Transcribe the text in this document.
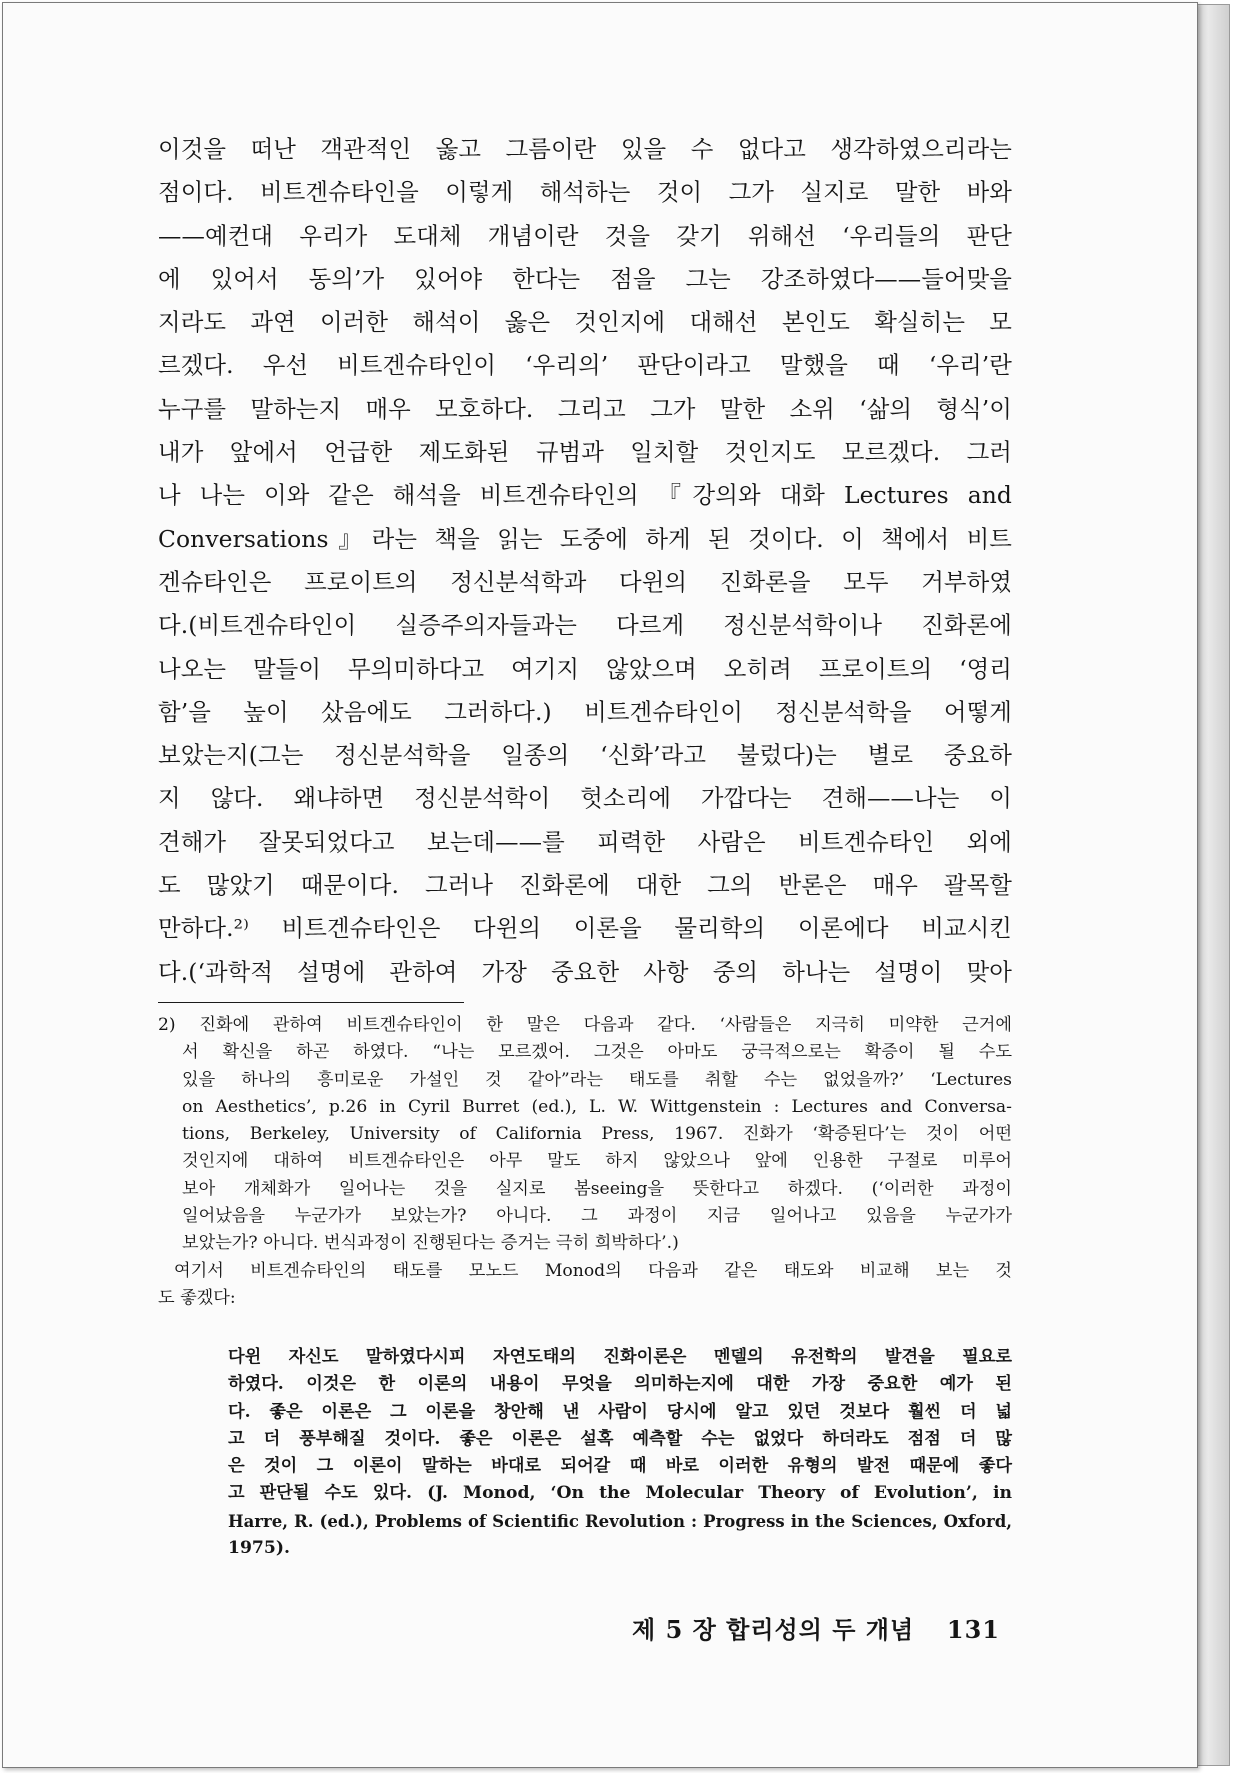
이것을 떠난 객관적인 옳고 그름이란 있을 수 없다고 생각하였으리라는
점이다. 비트겐슈타인을 이렇게 해석하는 것이 그가 실지로 말한 바와
——예컨대 우리가 도대체 개념이란 것을 갖기 위해선 ‘우리들의 판단
에 있어서 동의’가 있어야 한다는 점을 그는 강조하였다——들어맞을
지라도 과연 이러한 해석이 옳은 것인지에 대해선 본인도 확실히는 모
르겠다. 우선 비트겐슈타인이 ‘우리의’ 판단이라고 말했을 때 ‘우리’란
누구를 말하는지 매우 모호하다. 그리고 그가 말한 소위 ‘삶의 형식’이
내가 앞에서 언급한 제도화된 규범과 일치할 것인지도 모르겠다. 그러
나 나는 이와 같은 해석을 비트겐슈타인의 『강의와 대화 Lectures and
Conversations』라는 책을 읽는 도중에 하게 된 것이다. 이 책에서 비트
겐슈타인은 프로이트의 정신분석학과 다윈의 진화론을 모두 거부하였
다.(비트겐슈타인이 실증주의자들과는 다르게 정신분석학이나 진화론에
나오는 말들이 무의미하다고 여기지 않았으며 오히려 프로이트의 ‘영리
함’을 높이 샀음에도 그러하다.) 비트겐슈타인이 정신분석학을 어떻게
보았는지(그는 정신분석학을 일종의 ‘신화’라고 불렀다)는 별로 중요하
지 않다. 왜냐하면 정신분석학이 헛소리에 가깝다는 견해——나는 이
견해가 잘못되었다고 보는데——를 피력한 사람은 비트겐슈타인 외에
도 많았기 때문이다. 그러나 진화론에 대한 그의 반론은 매우 괄목할
만하다.²⁾ 비트겐슈타인은 다윈의 이론을 물리학의 이론에다 비교시킨
다.(‘과학적 설명에 관하여 가장 중요한 사항 중의 하나는 설명이 맞아
2) 진화에 관하여 비트겐슈타인이 한 말은 다음과 같다. ‘사람들은 지극히 미약한 근거에
서 확신을 하곤 하였다. “나는 모르겠어. 그것은 아마도 궁극적으로는 확증이 될 수도
있을 하나의 흥미로운 가설인 것 같아”라는 태도를 취할 수는 없었을까?’ ‘Lectures
on Aesthetics’, p.26 in Cyril Burret (ed.), L. W. Wittgenstein : Lectures and Conversa-
tions, Berkeley, University of California Press, 1967. 진화가 ‘확증된다’는 것이 어떤
것인지에 대하여 비트겐슈타인은 아무 말도 하지 않았으나 앞에 인용한 구절로 미루어
보아 개체화가 일어나는 것을 실지로 봄seeing을 뜻한다고 하겠다. (‘이러한 과정이
일어났음을 누군가가 보았는가? 아니다. 그 과정이 지금 일어나고 있음을 누군가가
보았는가? 아니다. 번식과정이 진행된다는 증거는 극히 희박하다’.)
여기서 비트겐슈타인의 태도를 모노드 Monod의 다음과 같은 태도와 비교해 보는 것
도 좋겠다:
다윈 자신도 말하였다시피 자연도태의 진화이론은 멘델의 유전학의 발견을 필요로
하였다. 이것은 한 이론의 내용이 무엇을 의미하는지에 대한 가장 중요한 예가 된
다. 좋은 이론은 그 이론을 창안해 낸 사람이 당시에 알고 있던 것보다 훨씬 더 넓
고 더 풍부해질 것이다. 좋은 이론은 설혹 예측할 수는 없었다 하더라도 점점 더 많
은 것이 그 이론이 말하는 바대로 되어갈 때 바로 이러한 유형의 발전 때문에 좋다
고 판단될 수도 있다. (J. Monod, ‘On the Molecular Theory of Evolution’, in
Harre, R. (ed.), Problems of Scientific Revolution : Progress in the Sciences, Oxford,
1975).
제 5 장 합리성의 두 개념 131
